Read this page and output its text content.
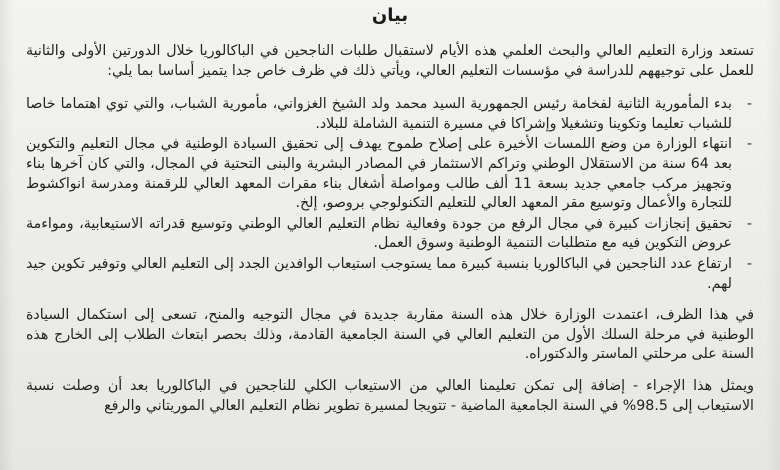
بيان

تستعد وزارة التعليم العالي والبحث العلمي هذه الأيام لاستقبال طلبات الناجحين في الباكالوريا خلال الدورتين الأولى والثانية للعمل على توجيههم للدراسة في مؤسسات التعليم العالي، ويأتي ذلك في ظرف خاص جدا يتميز أساسا بما يلي:

-
بدء المأمورية الثانية لفخامة رئيس الجمهورية السيد محمد ولد الشيخ الغزواني، مأمورية الشباب، والتي توي اهتماما خاصا للشباب تعليما وتكوينا وتشغيلا وإشراكا في مسيرة التنمية الشاملة للبلاد.
-
انتهاء الوزارة من وضع اللمسات الأخيرة على إصلاح طموح يهدف إلى تحقيق السيادة الوطنية في مجال التعليم والتكوين بعد 64 سنة من الاستقلال الوطني وتراكم الاستثمار في المصادر البشرية والبنى التحتية في المجال، والتي كان آخرها بناء وتجهيز مركب جامعي جديد بسعة 11 ألف طالب ومواصلة أشغال بناء مقرات المعهد العالي للرقمنة ومدرسة انواكشوط للتجارة والأعمال وتوسيع مقر المعهد العالي للتعليم التكنولوجي بروصو، إلخ.
-
تحقيق إنجازات كبيرة في مجال الرفع من جودة وفعالية نظام التعليم العالي الوطني وتوسيع قدراته الاستيعابية، ومواءمة عروض التكوين فيه مع متطلبات التنمية الوطنية وسوق العمل.
-
ارتفاع عدد الناجحين في الباكالوريا بنسبة كبيرة مما يستوجب استيعاب الوافدين الجدد إلى التعليم العالي وتوفير تكوين جيد لهم.

في هذا الظرف، اعتمدت الوزارة خلال هذه السنة مقاربة جديدة في مجال التوجيه والمنح، تسعى إلى استكمال السيادة الوطنية في مرحلة السلك الأول من التعليم العالي في السنة الجامعية القادمة، وذلك بحصر ابتعاث الطلاب إلى الخارج هذه السنة على مرحلتي الماستر والدكتوراه.

ويمثل هذا الإجراء - إضافة إلى تمكن تعليمنا العالي من الاستيعاب الكلي للناجحين في الباكالوريا بعد أن وصلت نسبة الاستيعاب إلى 98.5% في السنة الجامعية الماضية - تتويجا لمسيرة تطوير نظام التعليم العالي الموريتاني والرفع
